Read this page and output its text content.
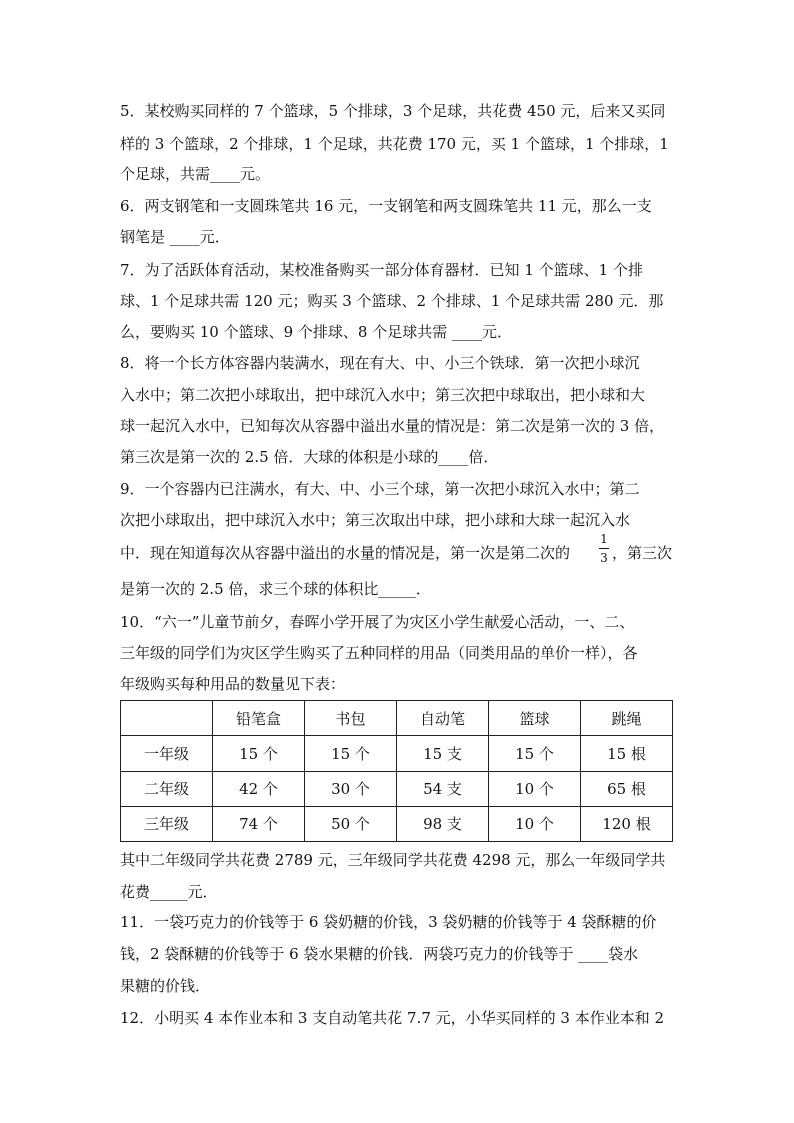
5．某校购买同样的 7 个篮球，5 个排球，3 个足球，共花费 450 元，后来又买同
样的 3 个篮球，2 个排球，1 个足球，共花费 170 元，买 1 个篮球，1 个排球，1
个足球，共需____元。
6．两支钢笔和一支圆珠笔共 16 元，一支钢笔和两支圆珠笔共 11 元，那么一支
钢笔是 ____元．
7．为了活跃体育活动，某校准备购买一部分体育器材．已知 1 个篮球、1 个排
球、1 个足球共需 120 元；购买 3 个篮球、2 个排球、1 个足球共需 280 元．那
么，要购买 10 个篮球、9 个排球、8 个足球共需 ____元．
8．将一个长方体容器内装满水，现在有大、中、小三个铁球．第一次把小球沉
入水中；第二次把小球取出，把中球沉入水中；第三次把中球取出，把小球和大
球一起沉入水中，已知每次从容器中溢出水量的情况是：第二次是第一次的 3 倍，
第三次是第一次的 2.5 倍．大球的体积是小球的____倍．
9．一个容器内已注满水，有大、中、小三个球，第一次把小球沉入水中；第二
次把小球取出，把中球沉入水中；第三次取出中球，把小球和大球一起沉入水
中．现在知道每次从容器中溢出的水量的情况是，第一次是第二次的
1
3 ，第三次
是第一次的 2.5 倍，求三个球的体积比_____．
10．“六一”儿童节前夕，春晖小学开展了为灾区小学生献爱心活动，一、二、
三年级的同学们为灾区学生购买了五种同样的用品（同类用品的单价一样），各
年级购买每种用品的数量见下表：
	铅笔盒	书包	自动笔	篮球	跳绳
一年级	15 个	15 个	15 支	15 个	15 根
二年级	42 个	30 个	54 支	10 个	65 根
三年级	74 个	50 个	98 支	10 个	120 根
其中二年级同学共花费 2789 元，三年级同学共花费 4298 元，那么一年级同学共
花费_____元．
11．一袋巧克力的价钱等于 6 袋奶糖的价钱，3 袋奶糖的价钱等于 4 袋酥糖的价
钱，2 袋酥糖的价钱等于 6 袋水果糖的价钱．两袋巧克力的价钱等于 ____袋水
果糖的价钱．
12．小明买 4 本作业本和 3 支自动笔共花 7.7 元，小华买同样的 3 本作业本和 2
